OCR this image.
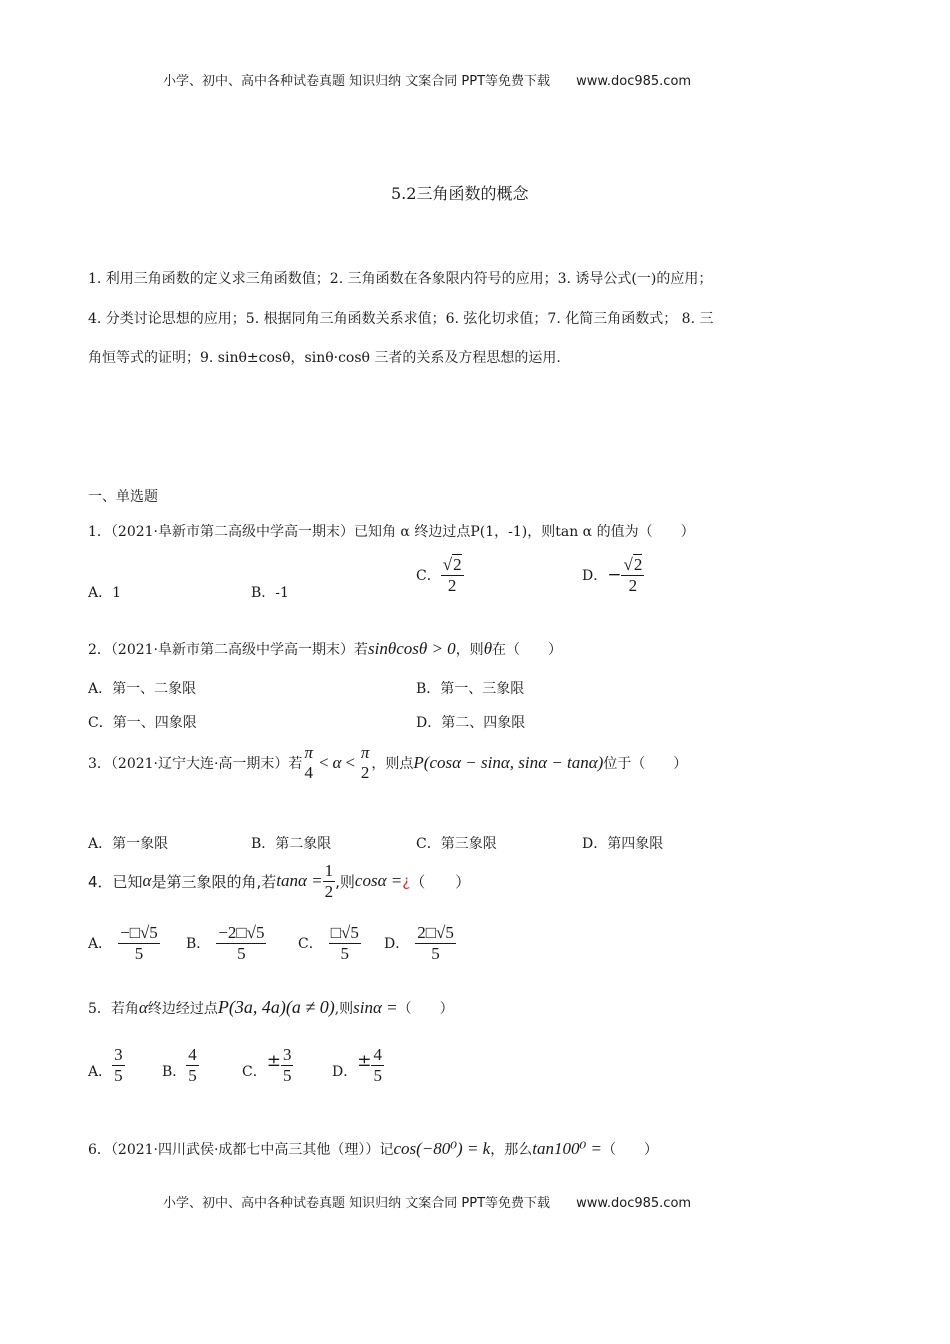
小学、初中、高中各种试卷真题 知识归纳 文案合同 PPT等免费下载 www.doc985.com
5.2三角函数的概念
1. 利用三角函数的定义求三角函数值；2. 三角函数在各象限内符号的应用；3. 诱导公式(一)的应用；
4. 分类讨论思想的应用；5. 根据同角三角函数关系求值；6. 弦化切求值；7. 化简三角函数式； 8. 三
角恒等式的证明；9. sinθ±cosθ，sinθ·cosθ 三者的关系及方程思想的运用.
一、单选题
1．（2021·阜新市第二高级中学高一期末）已知角 α 终边过点P(1，-1)，则tan α 的值为（　　）
A．1	B．-1
C． $\frac{√2}{2}$	D． − $\frac{√2}{2}$
2．（2021·阜新市第二高级中学高一期末）若 sinθcosθ > 0 ，则 θ 在（　　）
A．第一、二象限	B．第一、三象限
C．第一、四象限	D．第二、四象限
3．（2021·辽宁大连·高一期末）若
π
4
< α <
π
2 ，则点 P(cosα − sinα, sinα − tanα) 位于（　　）
A．第一象限	B．第二象限	C．第三象限	D．第四象限
4．已知 α 是第三象限的角,若 $\tan\alpha = \frac{1}{2}$ ,则 cosα = ¿ （　　）
A． $\frac{-□√5}{5}$ B． $\frac{-2□√5}{5}$ C． $\frac{□√5}{5}$ D． $\frac{2□√5}{5}$
5．若角 α 终边经过点 P(3a, 4a)(a ≠ 0) ,则 sinα = （　　）
A． $\frac{3}{5}$	B． $\frac{4}{5}$	C．
± $\frac{3}{5}$	D．
± $\frac{4}{5}$
6．（2021·四川武侯·成都七中高三其他（理））记 cos(−80⁰) = k ，那么 tan100⁰ = （　　）
小学、初中、高中各种试卷真题 知识归纳 文案合同 PPT等免费下载 www.doc985.com
